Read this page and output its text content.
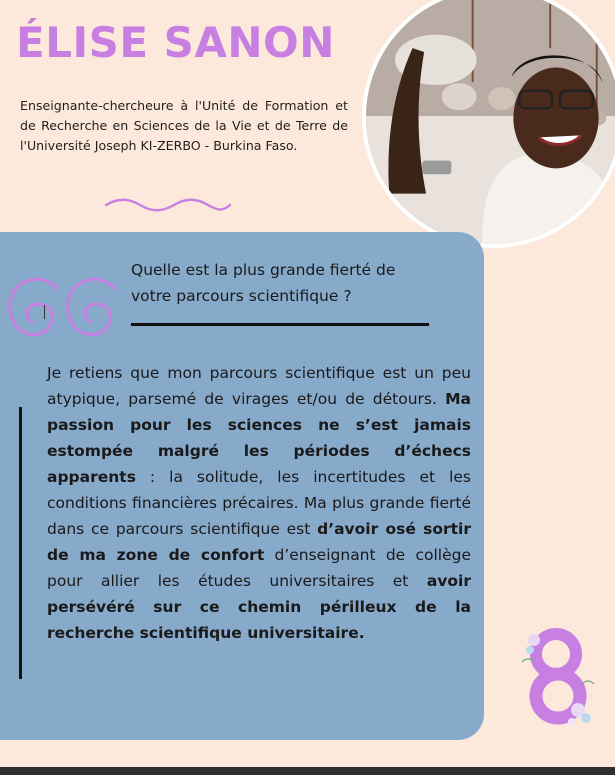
ÉLISE SANON

Enseignante-chercheure à l'Unité de Formation et de Recherche en Sciences de la Vie et de Terre de l'Université Joseph KI-ZERBO - Burkina Faso.

Quelle est la plus grande fierté de votre parcours scientifique ?

Je retiens que mon parcours scientifique est un peu atypique, parsemé de virages et/ou de détours. Ma passion pour les sciences ne s’est jamais estompée malgré les périodes d’échecs apparents : la solitude, les incertitudes et les conditions financières précaires. Ma plus grande fierté dans ce parcours scientifique est d’avoir osé sortir de ma zone de confort d’enseignant de collège pour allier les études universitaires et avoir persévéré sur ce chemin périlleux de la recherche scientifique universitaire.
